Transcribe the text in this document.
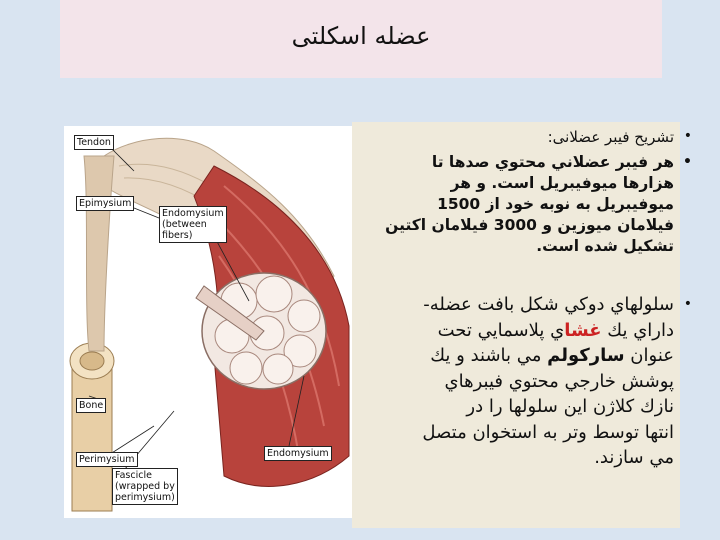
عضله اسکلتی
Tendon
Epimysium
Endomysium
(between
fibers)
Bone
Perimysium
Fascicle
(wrapped by
perimysium)
Endomysium
•
تشریح فیبر عضلانی:
•
هر فيبر عضلاني محتوي صدها تا
هزارها ميوفيبريل است. و هر
ميوفيبريل به نوبه خود از 1500
فيلامان ميوزين و 3000 فيلامان اكتين
تشكيل شده است.
•
سلولهاي دوكي شكل بافت عضله-
داراي يك غشاي پلاسمايي تحت
عنوان ساركولم مي باشند و يك
پوشش خارجي محتوي فيبرهاي
نازك كلاژن اين سلولها را در
انتها توسط وتر به استخوان متصل
مي سازند.
